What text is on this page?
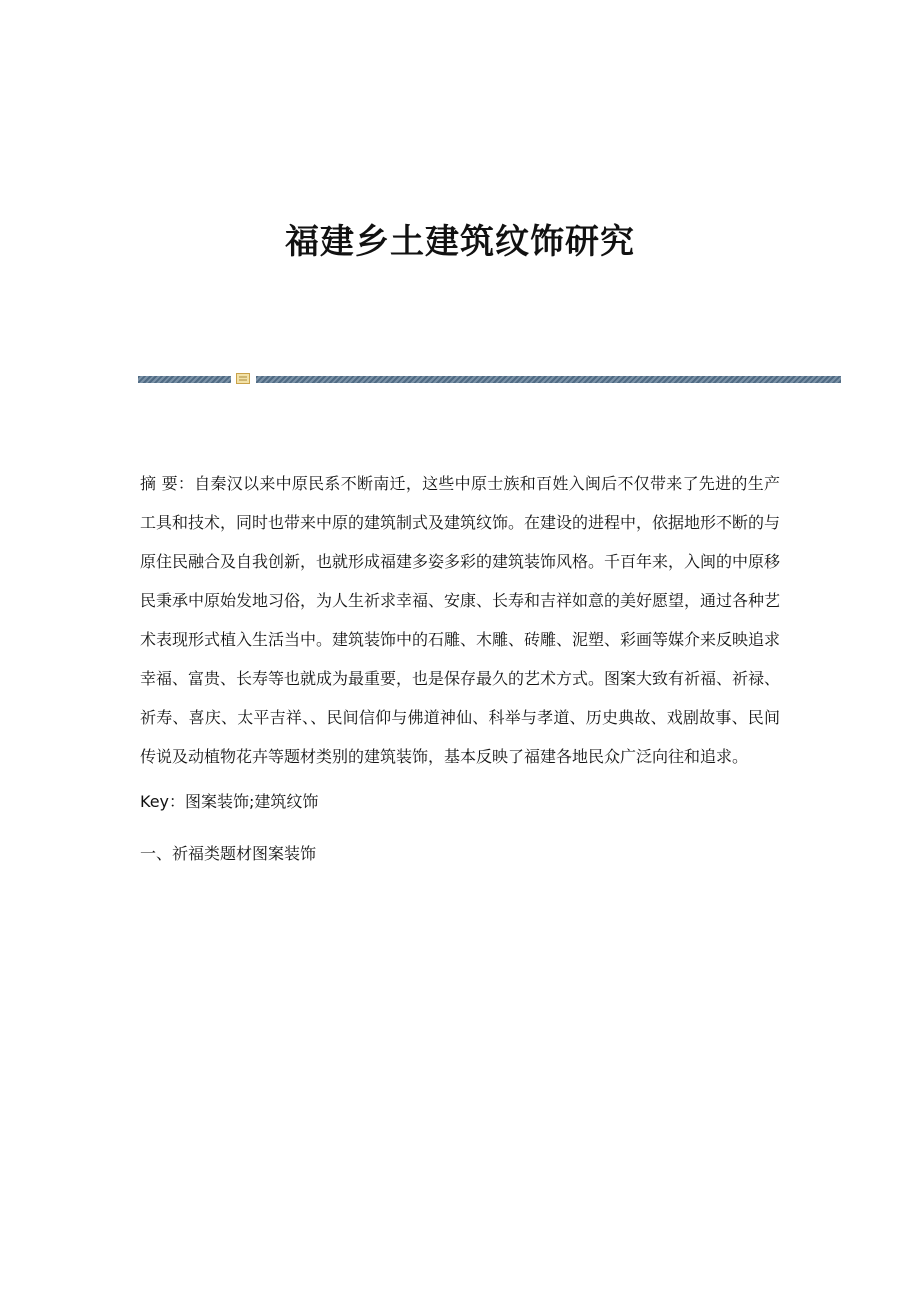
福建乡土建筑纹饰研究

摘 要：自秦汉以来中原民系不断南迁，这些中原士族和百姓入闽后不仅带来了先进的生产工具和技术，同时也带来中原的建筑制式及建筑纹饰。在建设的进程中，依据地形不断的与原住民融合及自我创新，也就形成福建多姿多彩的建筑装饰风格。千百年来，入闽的中原移民秉承中原始发地习俗，为人生祈求幸福、安康、长寿和吉祥如意的美好愿望，通过各种艺术表现形式植入生活当中。建筑装饰中的石雕、木雕、砖雕、泥塑、彩画等媒介来反映追求幸福、富贵、长寿等也就成为最重要，也是保存最久的艺术方式。图案大致有祈福、祈禄、祈寿、喜庆、太平吉祥、、民间信仰与佛道神仙、科举与孝道、历史典故、戏剧故事、民间传说及动植物花卉等题材类别的建筑装饰，基本反映了福建各地民众广泛向往和追求。

Key：图案装饰;建筑纹饰

一、祈福类题材图案装饰
